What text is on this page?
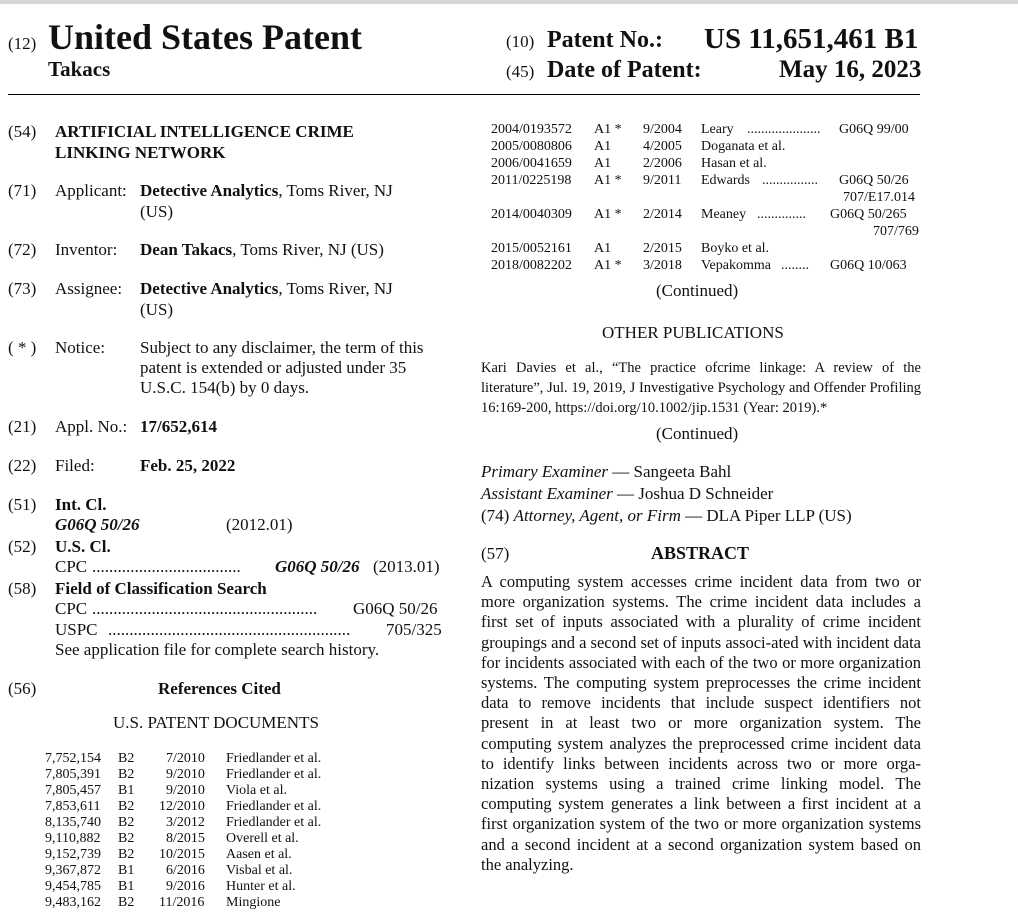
(12) United States Patent
Takacs
(10) Patent No.: US 11,651,461 B1
(45) Date of Patent:	May 16, 2023
(54) ARTIFICIAL INTELLIGENCE CRIME
LINKING NETWORK
(71) Applicant: Detective Analytics, Toms River, NJ
(US)
(72) Inventor: Dean Takacs, Toms River, NJ (US)
(73) Assignee: Detective Analytics, Toms River, NJ
(US)
( * ) Notice: Subject to any disclaimer, the term of this
patent is extended or adjusted under 35
U.S.C. 154(b) by 0 days.
(21) Appl. No.: 17/652,614
(22) Filed:	Feb. 25, 2022
(51) Int. Cl.
G06Q 50/26	(2012.01)
(52) U.S. Cl.
CPC ...................................	G06Q 50/26 (2013.01)
(58) Field of Classification Search
CPC .....................................................	G06Q 50/26
USPC .........................................................	705/325
See application file for complete search history.
(56)	References Cited
U.S. PATENT DOCUMENTS
7,752,154 B2 7/2010 Friedlander et al.
7,805,391 B2 9/2010 Friedlander et al.
7,805,457 B1 9/2010 Viola et al.
7,853,611 B2 12/2010 Friedlander et al.
8,135,740 B2 3/2012 Friedlander et al.
9,110,882 B2 8/2015 Overell et al.
9,152,739 B2 10/2015 Aasen et al.
9,367,872 B1 6/2016 Visbal et al.
9,454,785 B1 9/2016 Hunter et al.
9,483,162 B2 11/2016 Mingione
2004/0193572 A1 * 9/2004 Leary .....................	G06Q 99/00
2005/0080806 A1 4/2005 Doganata et al.
2006/0041659 A1 2/2006 Hasan et al.
2011/0225198 A1 * 9/2011 Edwards ................	G06Q 50/26
707/E17.014
2014/0040309 A1 * 2/2014 Meaney ..............	G06Q 50/265
707/769
2015/0052161 A1 2/2015 Boyko et al.
2018/0082202 A1 * 3/2018 Vepakomma ........	G06Q 10/063
(Continued)
OTHER PUBLICATIONS
Kari Davies et al., “The practice ofcrime linkage: A review of the literature”, Jul. 19, 2019, J Investigative Psychology and Offender Profiling 16:169-200, https://doi.org/10.1002/jip.1531 (Year: 2019).*
(Continued)
Primary Examiner — Sangeeta Bahl
Assistant Examiner — Joshua D Schneider
(74) Attorney, Agent, or Firm — DLA Piper LLP (US)
(57)	ABSTRACT
A computing system accesses crime incident data from two or more organization systems. The crime incident data includes a first set of inputs associated with a plurality of crime incident groupings and a second set of inputs associ-ated with incident data for incidents associated with each of the two or more organization systems. The computing system preprocesses the crime incident data to remove incidents that include suspect identifiers not present in at least two or more organization system. The computing system analyzes the preprocessed crime incident data to identify links between incidents across two or more orga-nization systems using a trained crime linking model. The computing system generates a link between a first incident at a first organization system of the two or more organization systems and a second incident at a second organization system based on the analyzing.
